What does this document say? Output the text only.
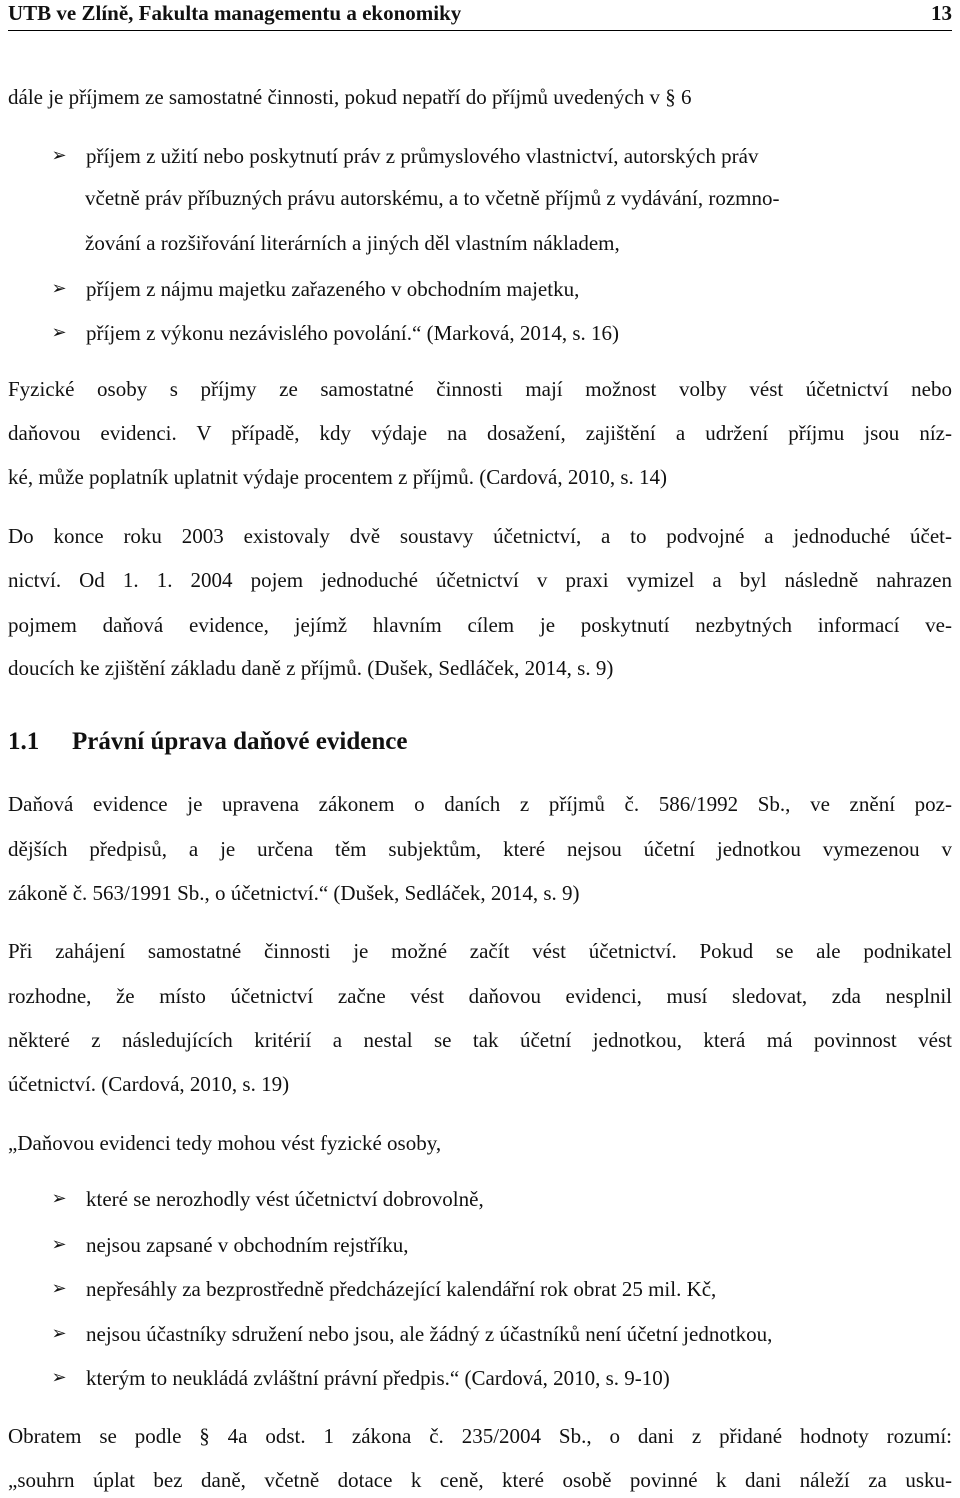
UTB ve Zlíně, Fakulta managementu a ekonomiky	13
dále je příjmem ze samostatné činnosti, pokud nepatří do příjmů uvedených v § 6
➢ příjem z užití nebo poskytnutí práv z průmyslového vlastnictví, autorských práv
včetně práv příbuzných právu autorskému, a to včetně příjmů z vydávání, rozmno-
žování a rozšiřování literárních a jiných děl vlastním nákladem,
➢ příjem z nájmu majetku zařazeného v obchodním majetku,
➢ příjem z výkonu nezávislého povolání.“ (Marková, 2014, s. 16)
Fyzické osoby s příjmy ze samostatné činnosti mají možnost volby vést účetnictví nebo
daňovou evidenci. V případě, kdy výdaje na dosažení, zajištění a udržení příjmu jsou níz-
ké, může poplatník uplatnit výdaje procentem z příjmů. (Cardová, 2010, s. 14)
Do konce roku 2003 existovaly dvě soustavy účetnictví, a to podvojné a jednoduché účet-
nictví. Od 1. 1. 2004 pojem jednoduché účetnictví v praxi vymizel a byl následně nahrazen
pojmem daňová evidence, jejímž hlavním cílem je poskytnutí nezbytných informací ve-
doucích ke zjištění základu daně z příjmů. (Dušek, Sedláček, 2014, s. 9)
1.1 Právní úprava daňové evidence
Daňová evidence je upravena zákonem o daních z příjmů č. 586/1992 Sb., ve znění poz-
dějších předpisů, a je určena těm subjektům, které nejsou účetní jednotkou vymezenou v
zákoně č. 563/1991 Sb., o účetnictví.“ (Dušek, Sedláček, 2014, s. 9)
Při zahájení samostatné činnosti je možné začít vést účetnictví. Pokud se ale podnikatel
rozhodne, že místo účetnictví začne vést daňovou evidenci, musí sledovat, zda nesplnil
některé z následujících kritérií a nestal se tak účetní jednotkou, která má povinnost vést
účetnictví. (Cardová, 2010, s. 19)
„Daňovou evidenci tedy mohou vést fyzické osoby,
➢ které se nerozhodly vést účetnictví dobrovolně,
➢ nejsou zapsané v obchodním rejstříku,
➢ nepřesáhly za bezprostředně předcházející kalendářní rok obrat 25 mil. Kč,
➢ nejsou účastníky sdružení nebo jsou, ale žádný z účastníků není účetní jednotkou,
➢ kterým to neukládá zvláštní právní předpis.“ (Cardová, 2010, s. 9-10)
Obratem se podle § 4a odst. 1 zákona č. 235/2004 Sb., o dani z přidané hodnoty rozumí:
„souhrn úplat bez daně, včetně dotace k ceně, které osobě povinné k dani náleží za usku-
